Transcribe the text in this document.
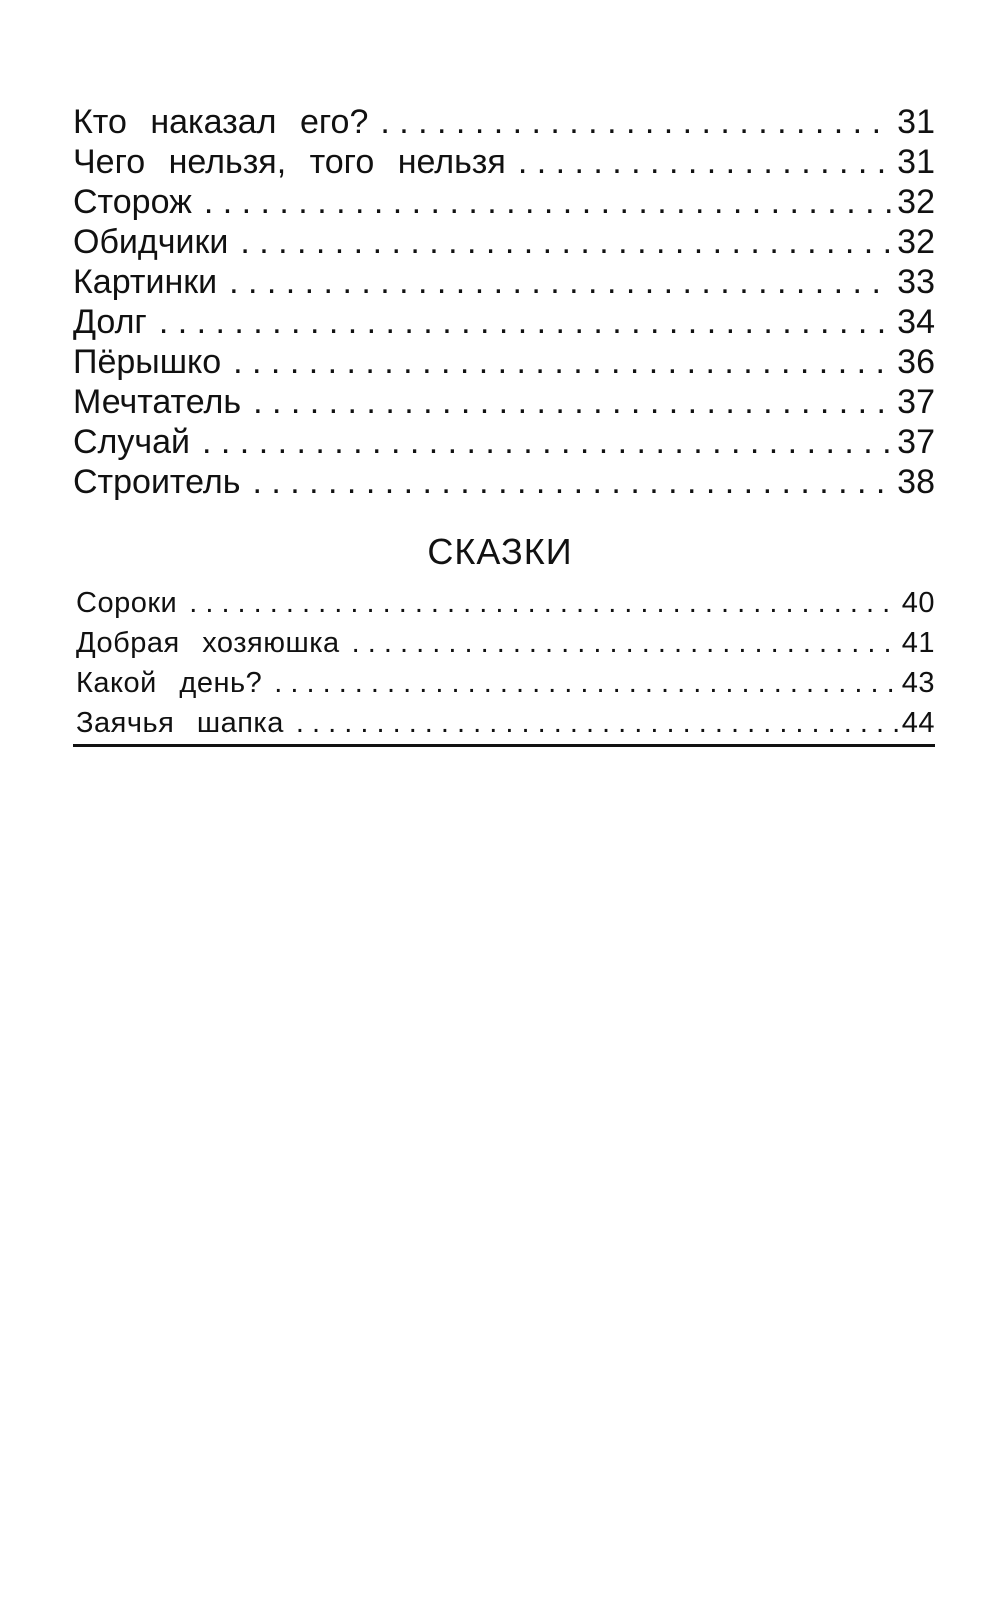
Кто наказал его? . . .	31
Чего нельзя, того нельзя . . .	31
Сторож . . .	32
Обидчики . . .	32
Картинки . . .	33
Долг . . .	34
Пёрышко . . .	36
Мечтатель . . .	37
Случай . . .	37
Строитель . . .	38
СКАЗКИ
Сороки . . .	40
Добрая хозяюшка . . .	41
Какой день? . . .	43
Заячья шапка . . .	44
